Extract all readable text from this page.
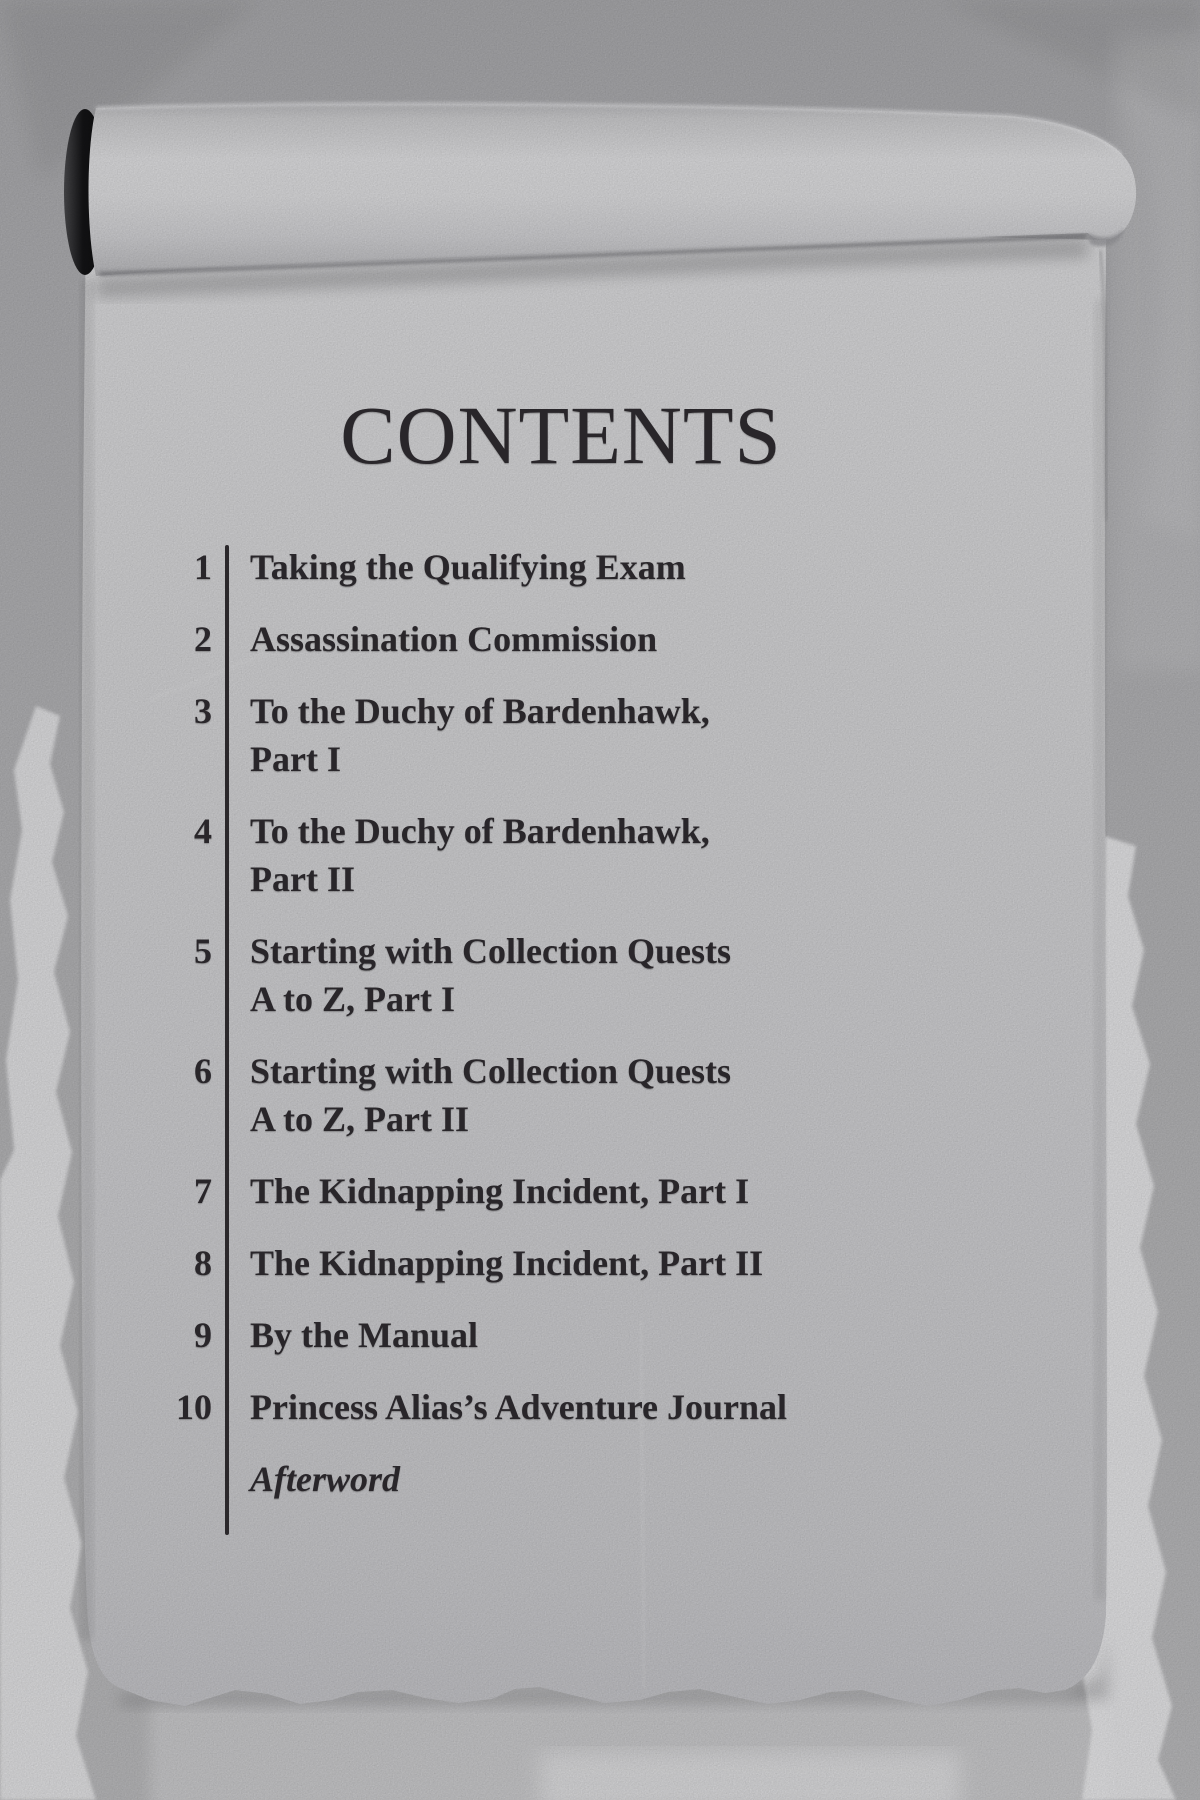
CONTENTS
1 Taking the Qualifying Exam
2 Assassination Commission
3 To the Duchy of Bardenhawk,
Part I
4 To the Duchy of Bardenhawk,
Part II
5 Starting with Collection Quests
A to Z, Part I
6 Starting with Collection Quests
A to Z, Part II
7 The Kidnapping Incident, Part I
8 The Kidnapping Incident, Part II
9 By the Manual
10 Princess Alias’s Adventure Journal
Afterword
